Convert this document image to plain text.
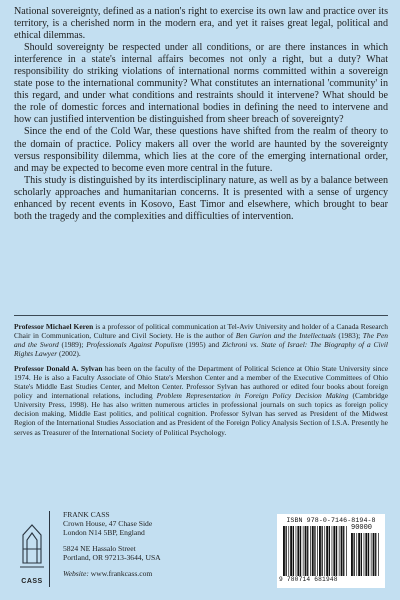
National sovereignty, defined as a nation's right to exercise its own law and practice over its territory, is a cherished norm in the modern era, and yet it raises great legal, political and ethical dilemmas.

Should sovereignty be respected under all conditions, or are there instances in which interference in a state's internal affairs becomes not only a right, but a duty? What responsibility do striking violations of international norms committed within a sovereign state pose to the international community? What constitutes an international 'community' in this regard, and under what conditions and restraints should it intervene? What should be the role of domestic forces and international bodies in defining the need to intervene and how can justified intervention be distinguished from sheer breach of sovereignty?

Since the end of the Cold War, these questions have shifted from the realm of theory to the domain of practice. Policy makers all over the world are haunted by the sovereignty versus responsibility dilemma, which lies at the core of the emerging international order, and may be expected to become even more central in the future.

This study is distinguished by its interdisciplinary nature, as well as by a balance between scholarly approaches and humanitarian concerns. It is presented with a sense of urgency enhanced by recent events in Kosovo, East Timor and elsewhere, which brought to bear both the tragedy and the complexities and difficulties of intervention.

Professor Michael Keren is a professor of political communication at Tel-Aviv University and holder of a Canada Research Chair in Communication, Culture and Civil Society. He is the author of Ben Gurion and the Intellectuals (1983); The Pen and the Sword (1989); Professionals Against Populism (1995) and Zichroni vs. State of Israel: The Biography of a Civil Rights Lawyer (2002).

Professor Donald A. Sylvan has been on the faculty of the Department of Political Science at Ohio State University since 1974. He is also a Faculty Associate of Ohio State's Mershon Center and a member of the Executive Committees of Ohio State's Middle East Studies Center, and Melton Center. Professor Sylvan has authored or edited four books about foreign policy and international relations, including Problem Representation in Foreign Policy Decision Making (Cambridge University Press, 1998). He has also written numerous articles in professional journals on such topics as foreign policy decision making, Middle East politics, and political cognition. Professor Sylvan has served as President of the Midwest Region of the International Studies Association and as President of the Foreign Policy Analysis Section of I.S.A. Presently he serves as Treasurer of the International Society of Political Psychology.

CASS
FRANK CASS
Crown House, 47 Chase Side
London N14 5BP, England
5824 NE Hassalo Street
Portland, OR 97213-3644, USA
Website: www.frankcass.com
ISBN 978-0-7146-8194-8
90000
9 780714 681948
